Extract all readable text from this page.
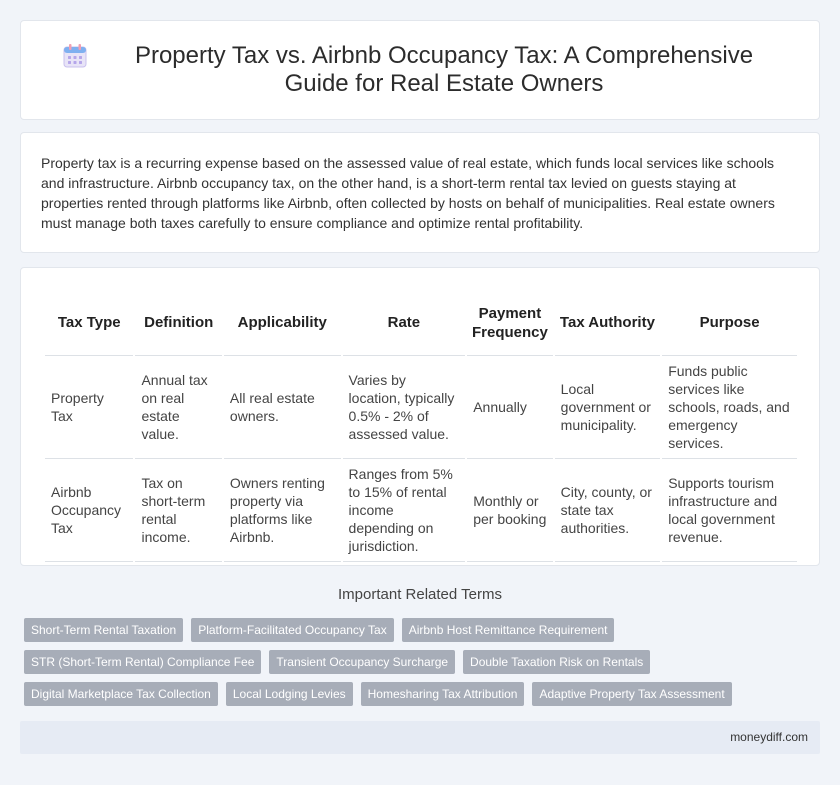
Property Tax vs. Airbnb Occupancy Tax: A Comprehensive Guide for Real Estate Owners

Property tax is a recurring expense based on the assessed value of real estate, which funds local services like schools and infrastructure. Airbnb occupancy tax, on the other hand, is a short-term rental tax levied on guests staying at properties rented through platforms like Airbnb, often collected by hosts on behalf of municipalities. Real estate owners must manage both taxes carefully to ensure compliance and optimize rental profitability.

Tax Type	Definition	Applicability	Rate	Payment Frequency	Tax Authority	Purpose
Property Tax	Annual tax on real estate value.	All real estate owners.	Varies by location, typically 0.5% - 2% of assessed value.	Annually	Local government or municipality.	Funds public services like schools, roads, and emergency services.
Airbnb Occupancy Tax	Tax on short-term rental income.	Owners renting property via platforms like Airbnb.	Ranges from 5% to 15% of rental income depending on jurisdiction.	Monthly or per booking	City, county, or state tax authorities.	Supports tourism infrastructure and local government revenue.
Important Related Terms
Short-Term Rental Taxation	Platform-Facilitated Occupancy Tax	Airbnb Host Remittance Requirement
STR (Short-Term Rental) Compliance Fee	Transient Occupancy Surcharge	Double Taxation Risk on Rentals
Digital Marketplace Tax Collection	Local Lodging Levies	Homesharing Tax Attribution	Adaptive Property Tax Assessment
moneydiff.com
